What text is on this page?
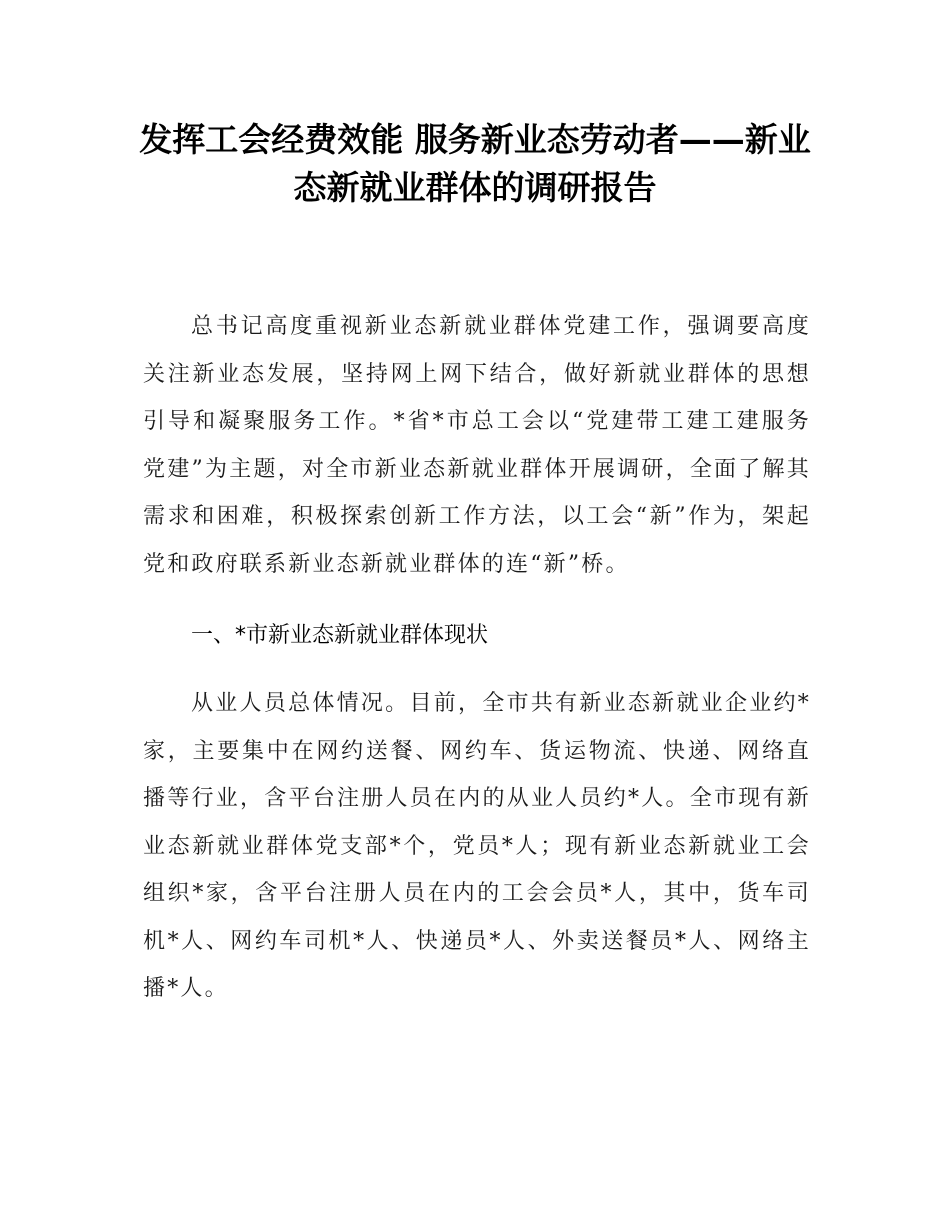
发挥工会经费效能 服务新业态劳动者——新业态新就业群体的调研报告

总书记高度重视新业态新就业群体党建工作，强调要高度关注新业态发展，坚持网上网下结合，做好新就业群体的思想引导和凝聚服务工作。*省*市总工会以“党建带工建工建服务党建”为主题，对全市新业态新就业群体开展调研，全面了解其需求和困难，积极探索创新工作方法，以工会“新”作为，架起党和政府联系新业态新就业群体的连“新”桥。

一、*市新业态新就业群体现状

从业人员总体情况。目前，全市共有新业态新就业企业约*家，主要集中在网约送餐、网约车、货运物流、快递、网络直播等行业，含平台注册人员在内的从业人员约*人。全市现有新业态新就业群体党支部*个，党员*人；现有新业态新就业工会组织*家，含平台注册人员在内的工会会员*人，其中，货车司机*人、网约车司机*人、快递员*人、外卖送餐员*人、网络主播*人。
